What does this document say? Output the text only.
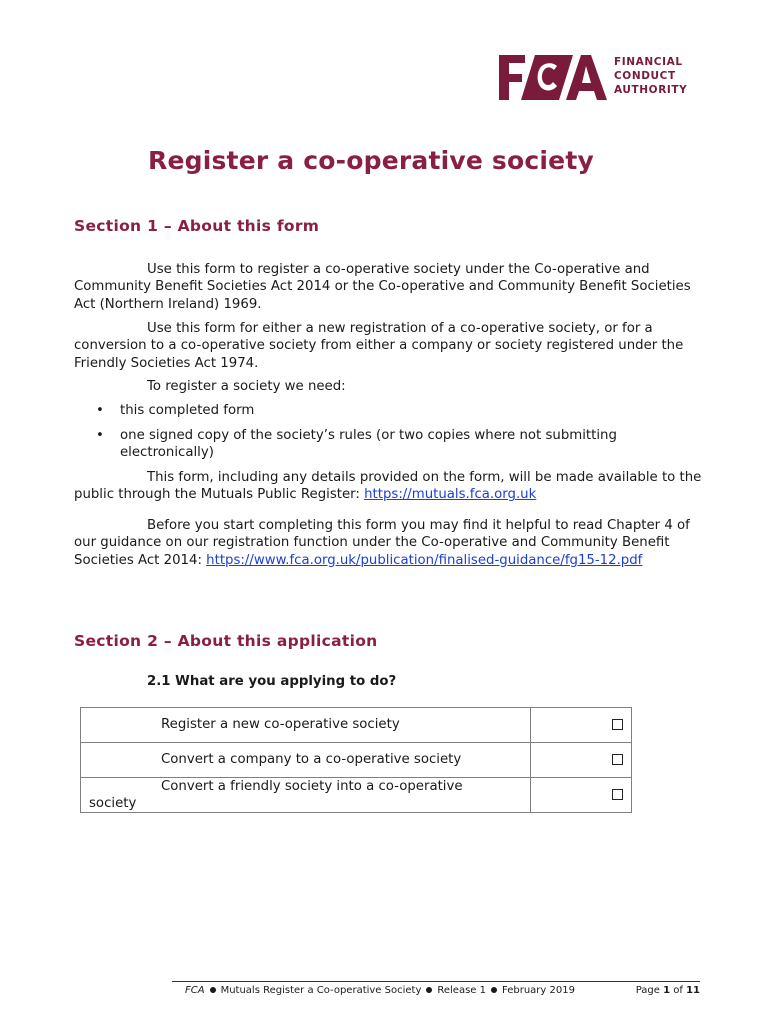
FINANCIAL
CONDUCT
AUTHORITY
Register a co-operative society
Section 1 – About this form

Use this form to register a co-operative society under the Co-operative and Community Benefit Societies Act 2014 or the Co-operative and Community Benefit Societies Act (Northern Ireland) 1969.

Use this form for either a new registration of a co-operative society, or for a conversion to a co-operative society from either a company or society registered under the Friendly Societies Act 1974.

To register a society we need:

• this completed form

• one signed copy of the society’s rules (or two copies where not submitting electronically)

This form, including any details provided on the form, will be made available to the public through the Mutuals Public Register: https://mutuals.fca.org.uk

Before you start completing this form you may find it helpful to read Chapter 4 of our guidance on our registration function under the Co-operative and Community Benefit Societies Act 2014: https://www.fca.org.uk/publication/finalised-guidance/fg15-12.pdf

Section 2 – About this application

2.1 What are you applying to do?

Register a new co-operative society	

Convert a company to a co-operative society	

Convert a friendly society into a co-operative
society	

FCA Mutuals Register a Co-operative Society Release 1 February 2019	Page 1 of 11
